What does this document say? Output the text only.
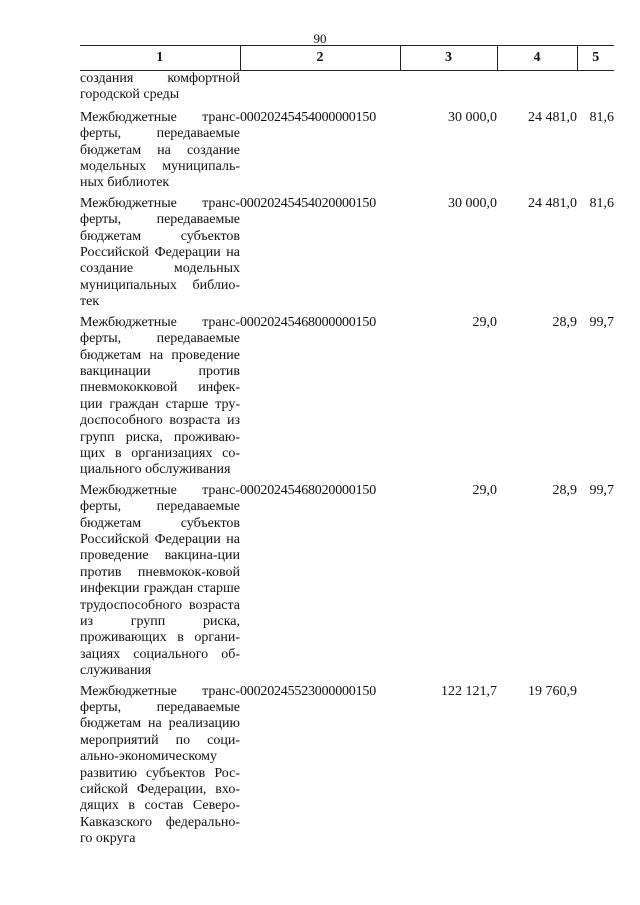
90
1	2	3	4	5
создания комфортной городской среды				
Межбюджетные транс-ферты, передаваемые бюджетам на создание модельных муниципаль-ных библиотек	00020245454000000150	30 000,0	24 481,0	81,6
Межбюджетные транс-ферты, передаваемые бюджетам субъектов Российской Федерации на создание модельных муниципальных библио-тек	00020245454020000150	30 000,0	24 481,0	81,6
Межбюджетные транс-ферты, передаваемые бюджетам на проведение вакцинации против пневмококковой инфек-ции граждан старше тру-доспособного возраста из групп риска, проживаю-щих в организациях со-циального обслуживания	00020245468000000150	29,0	28,9	99,7
Межбюджетные транс-ферты, передаваемые бюджетам субъектов Российской Федерации на проведение вакцина-ции против пневмокок-ковой инфекции граждан старше трудоспособного возраста из групп риска, проживающих в органи-зациях социального об-служивания	00020245468020000150	29,0	28,9	99,7
Межбюджетные транс-ферты, передаваемые бюджетам на реализацию мероприятий по соци-ально-экономическому развитию субъектов Рос-сийской Федерации, вхо-дящих в состав Северо-Кавказского федерально-го округа	00020245523000000150	122 121,7	19 760,9	
